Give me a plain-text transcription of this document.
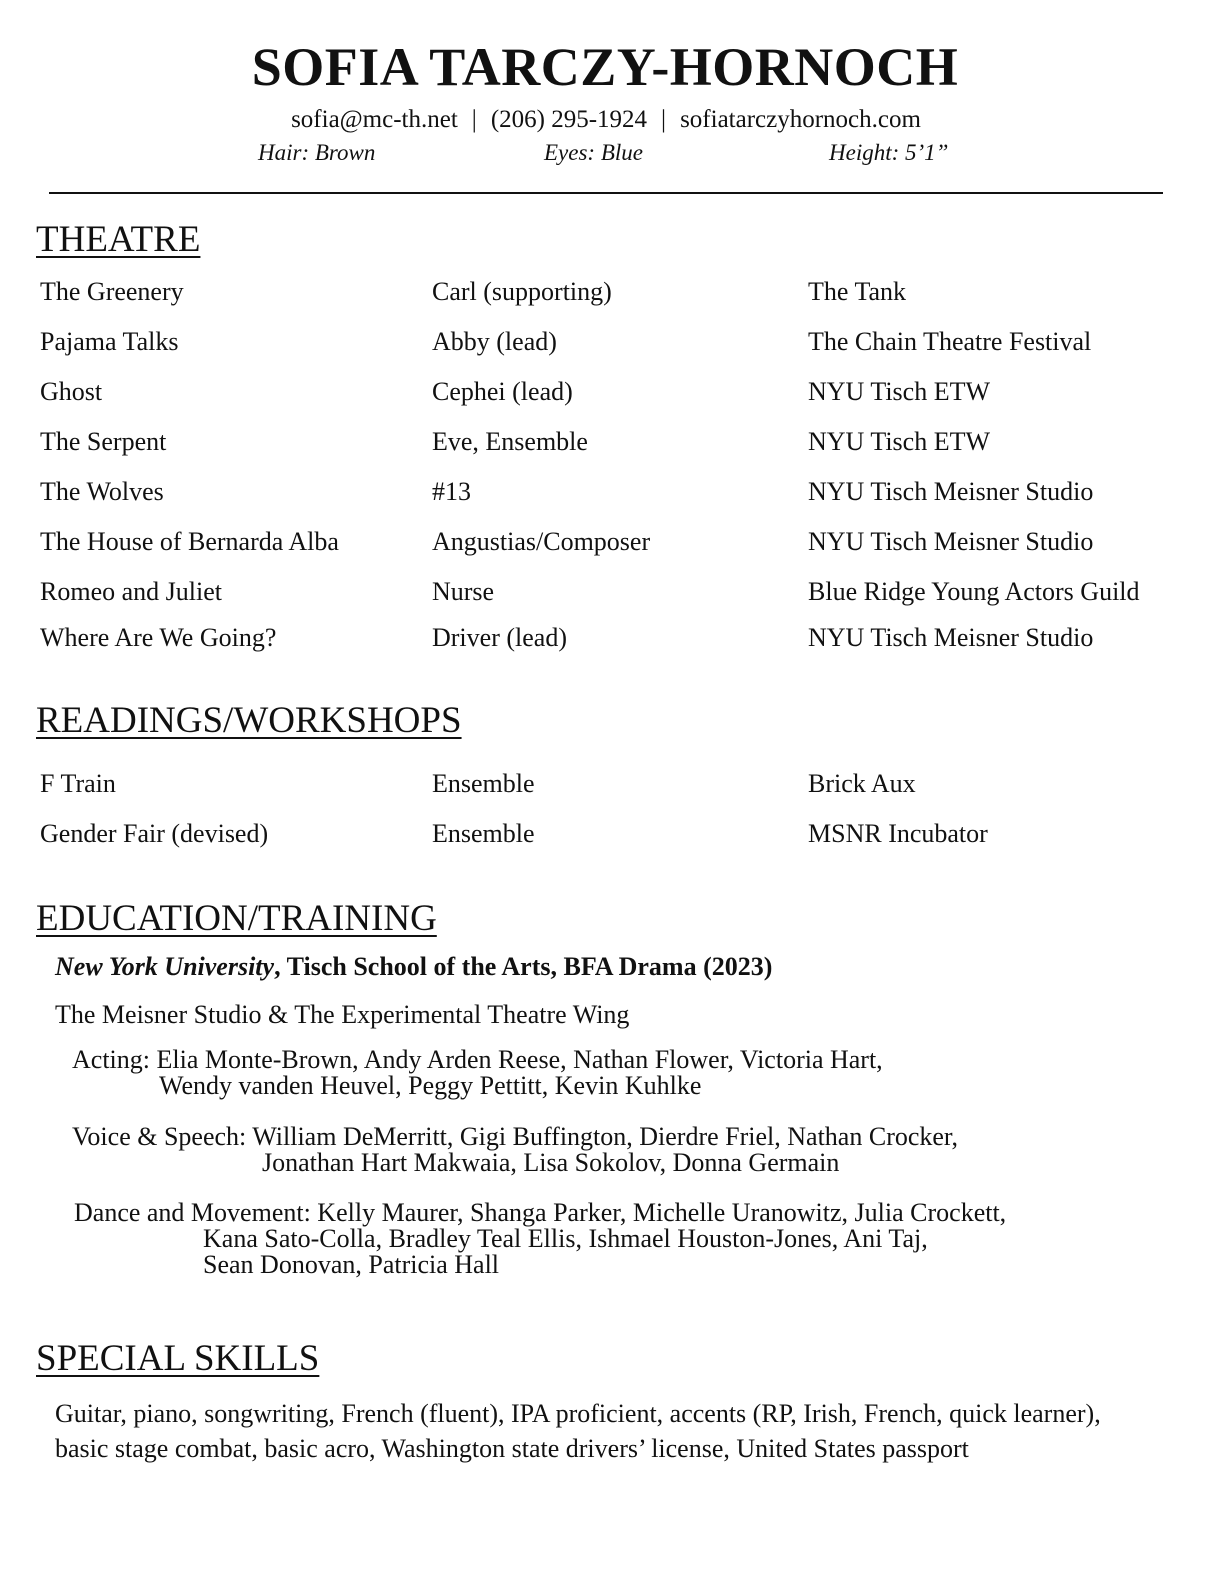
SOFIA TARCZY-HORNOCH
sofia@mc-th.net | (206) 295-1924 | sofiatarczyhornoch.com
Hair: Brown	Eyes: Blue	Height: 5’1”
THEATRE
The Greenery	Carl (supporting)	The Tank
Pajama Talks	Abby (lead)	The Chain Theatre Festival
Ghost	Cephei (lead)	NYU Tisch ETW
The Serpent	Eve, Ensemble	NYU Tisch ETW
The Wolves	#13	NYU Tisch Meisner Studio
The House of Bernarda Alba	Angustias/Composer	NYU Tisch Meisner Studio
Romeo and Juliet	Nurse	Blue Ridge Young Actors Guild
Where Are We Going?	Driver (lead)	NYU Tisch Meisner Studio
READINGS/WORKSHOPS
F Train	Ensemble	Brick Aux
Gender Fair (devised)	Ensemble	MSNR Incubator
EDUCATION/TRAINING
New York University, Tisch School of the Arts, BFA Drama (2023)
The Meisner Studio & The Experimental Theatre Wing
Acting: Elia Monte-Brown, Andy Arden Reese, Nathan Flower, Victoria Hart,
Wendy vanden Heuvel, Peggy Pettitt, Kevin Kuhlke
Voice & Speech: William DeMerritt, Gigi Buffington, Dierdre Friel, Nathan Crocker,
Jonathan Hart Makwaia, Lisa Sokolov, Donna Germain
Dance and Movement: Kelly Maurer, Shanga Parker, Michelle Uranowitz, Julia Crockett,
Kana Sato-Colla, Bradley Teal Ellis, Ishmael Houston-Jones, Ani Taj,
Sean Donovan, Patricia Hall
SPECIAL SKILLS
Guitar, piano, songwriting, French (fluent), IPA proficient, accents (RP, Irish, French, quick learner),
basic stage combat, basic acro, Washington state drivers’ license, United States passport
